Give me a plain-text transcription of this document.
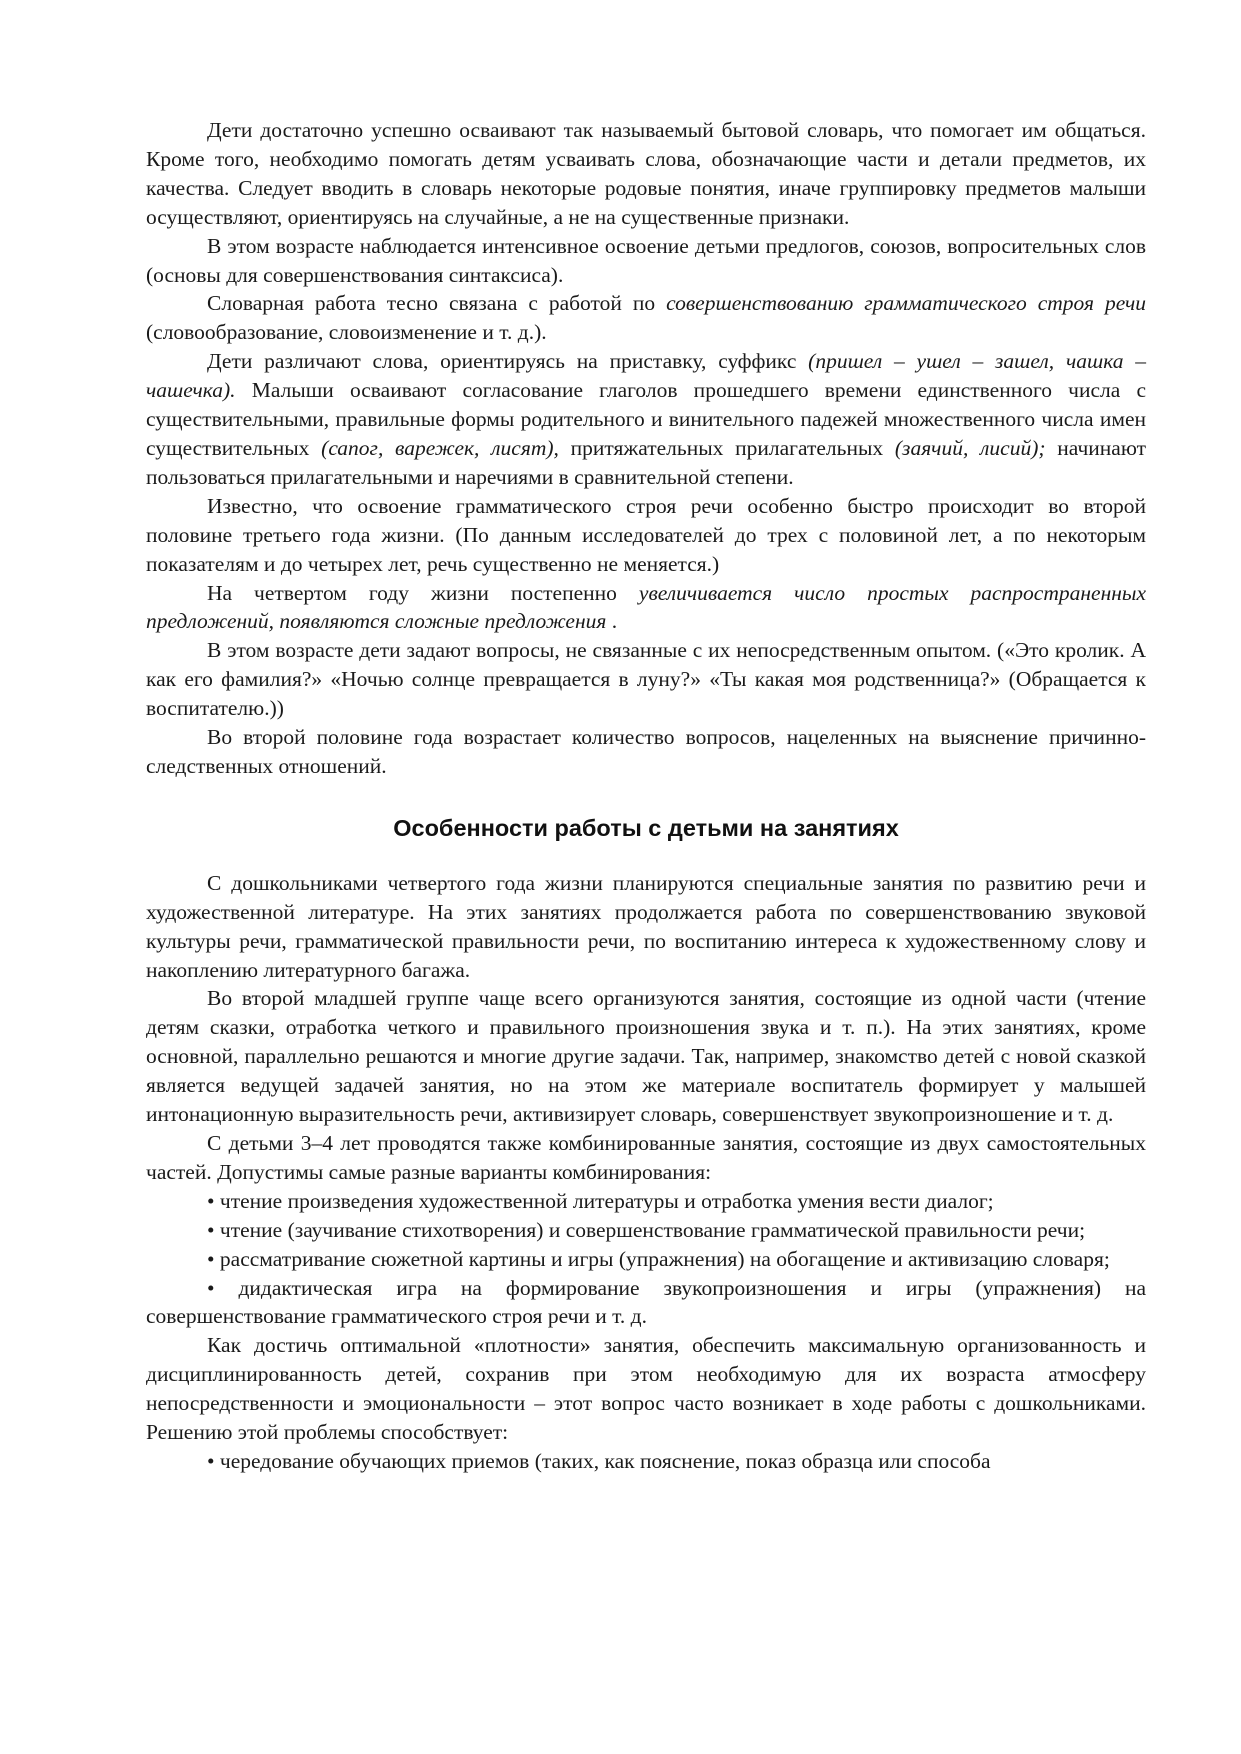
Дети достаточно успешно осваивают так называемый бытовой словарь, что помогает им общаться. Кроме того, необходимо помогать детям усваивать слова, обозначающие части и детали предметов, их качества. Следует вводить в словарь некоторые родовые понятия, иначе группировку предметов малыши осуществляют, ориентируясь на случайные, а не на существенные признаки.

В этом возрасте наблюдается интенсивное освоение детьми предлогов, союзов, вопросительных слов (основы для совершенствования синтаксиса).

Словарная работа тесно связана с работой по совершенствованию грамматического строя речи (словообразование, словоизменение и т. д.).

Дети различают слова, ориентируясь на приставку, суффикс (пришел – ушел – зашел, чашка – чашечка). Малыши осваивают согласование глаголов прошедшего времени единственного числа с существительными, правильные формы родительного и винительного падежей множественного числа имен существительных (сапог, варежек, лисят), притяжательных прилагательных (заячий, лисий); начинают пользоваться прилагательными и наречиями в сравнительной степени.

Известно, что освоение грамматического строя речи особенно быстро происходит во второй половине третьего года жизни. (По данным исследователей до трех с половиной лет, а по некоторым показателям и до четырех лет, речь существенно не меняется.)

На четвертом году жизни постепенно увеличивается число простых распространенных предложений, появляются сложные предложения .

В этом возрасте дети задают вопросы, не связанные с их непосредственным опытом. («Это кролик. А как его фамилия?» «Ночью солнце превращается в луну?» «Ты какая моя родственница?» (Обращается к воспитателю.))

Во второй половине года возрастает количество вопросов, нацеленных на выяснение причинно-следственных отношений.

Особенности работы с детьми на занятиях

С дошкольниками четвертого года жизни планируются специальные занятия по развитию речи и художественной литературе. На этих занятиях продолжается работа по совершенствованию звуковой культуры речи, грамматической правильности речи, по воспитанию интереса к художественному слову и накоплению литературного багажа.

Во второй младшей группе чаще всего организуются занятия, состоящие из одной части (чтение детям сказки, отработка четкого и правильного произношения звука и т. п.). На этих занятиях, кроме основной, параллельно решаются и многие другие задачи. Так, например, знакомство детей с новой сказкой является ведущей задачей занятия, но на этом же материале воспитатель формирует у малышей интонационную выразительность речи, активизирует словарь, совершенствует звукопроизношение и т. д.

С детьми 3–4 лет проводятся также комбинированные занятия, состоящие из двух самостоятельных частей. Допустимы самые разные варианты комбинирования:

• чтение произведения художественной литературы и отработка умения вести диалог;

• чтение (заучивание стихотворения) и совершенствование грамматической правильности речи;

• рассматривание сюжетной картины и игры (упражнения) на обогащение и активизацию словаря;

• дидактическая игра на формирование звукопроизношения и игры (упражнения) на совершенствование грамматического строя речи и т. д.

Как достичь оптимальной «плотности» занятия, обеспечить максимальную организованность и дисциплинированность детей, сохранив при этом необходимую для их возраста атмосферу непосредственности и эмоциональности – этот вопрос часто возникает в ходе работы с дошкольниками. Решению этой проблемы способствует:

• чередование обучающих приемов (таких, как пояснение, показ образца или способа
